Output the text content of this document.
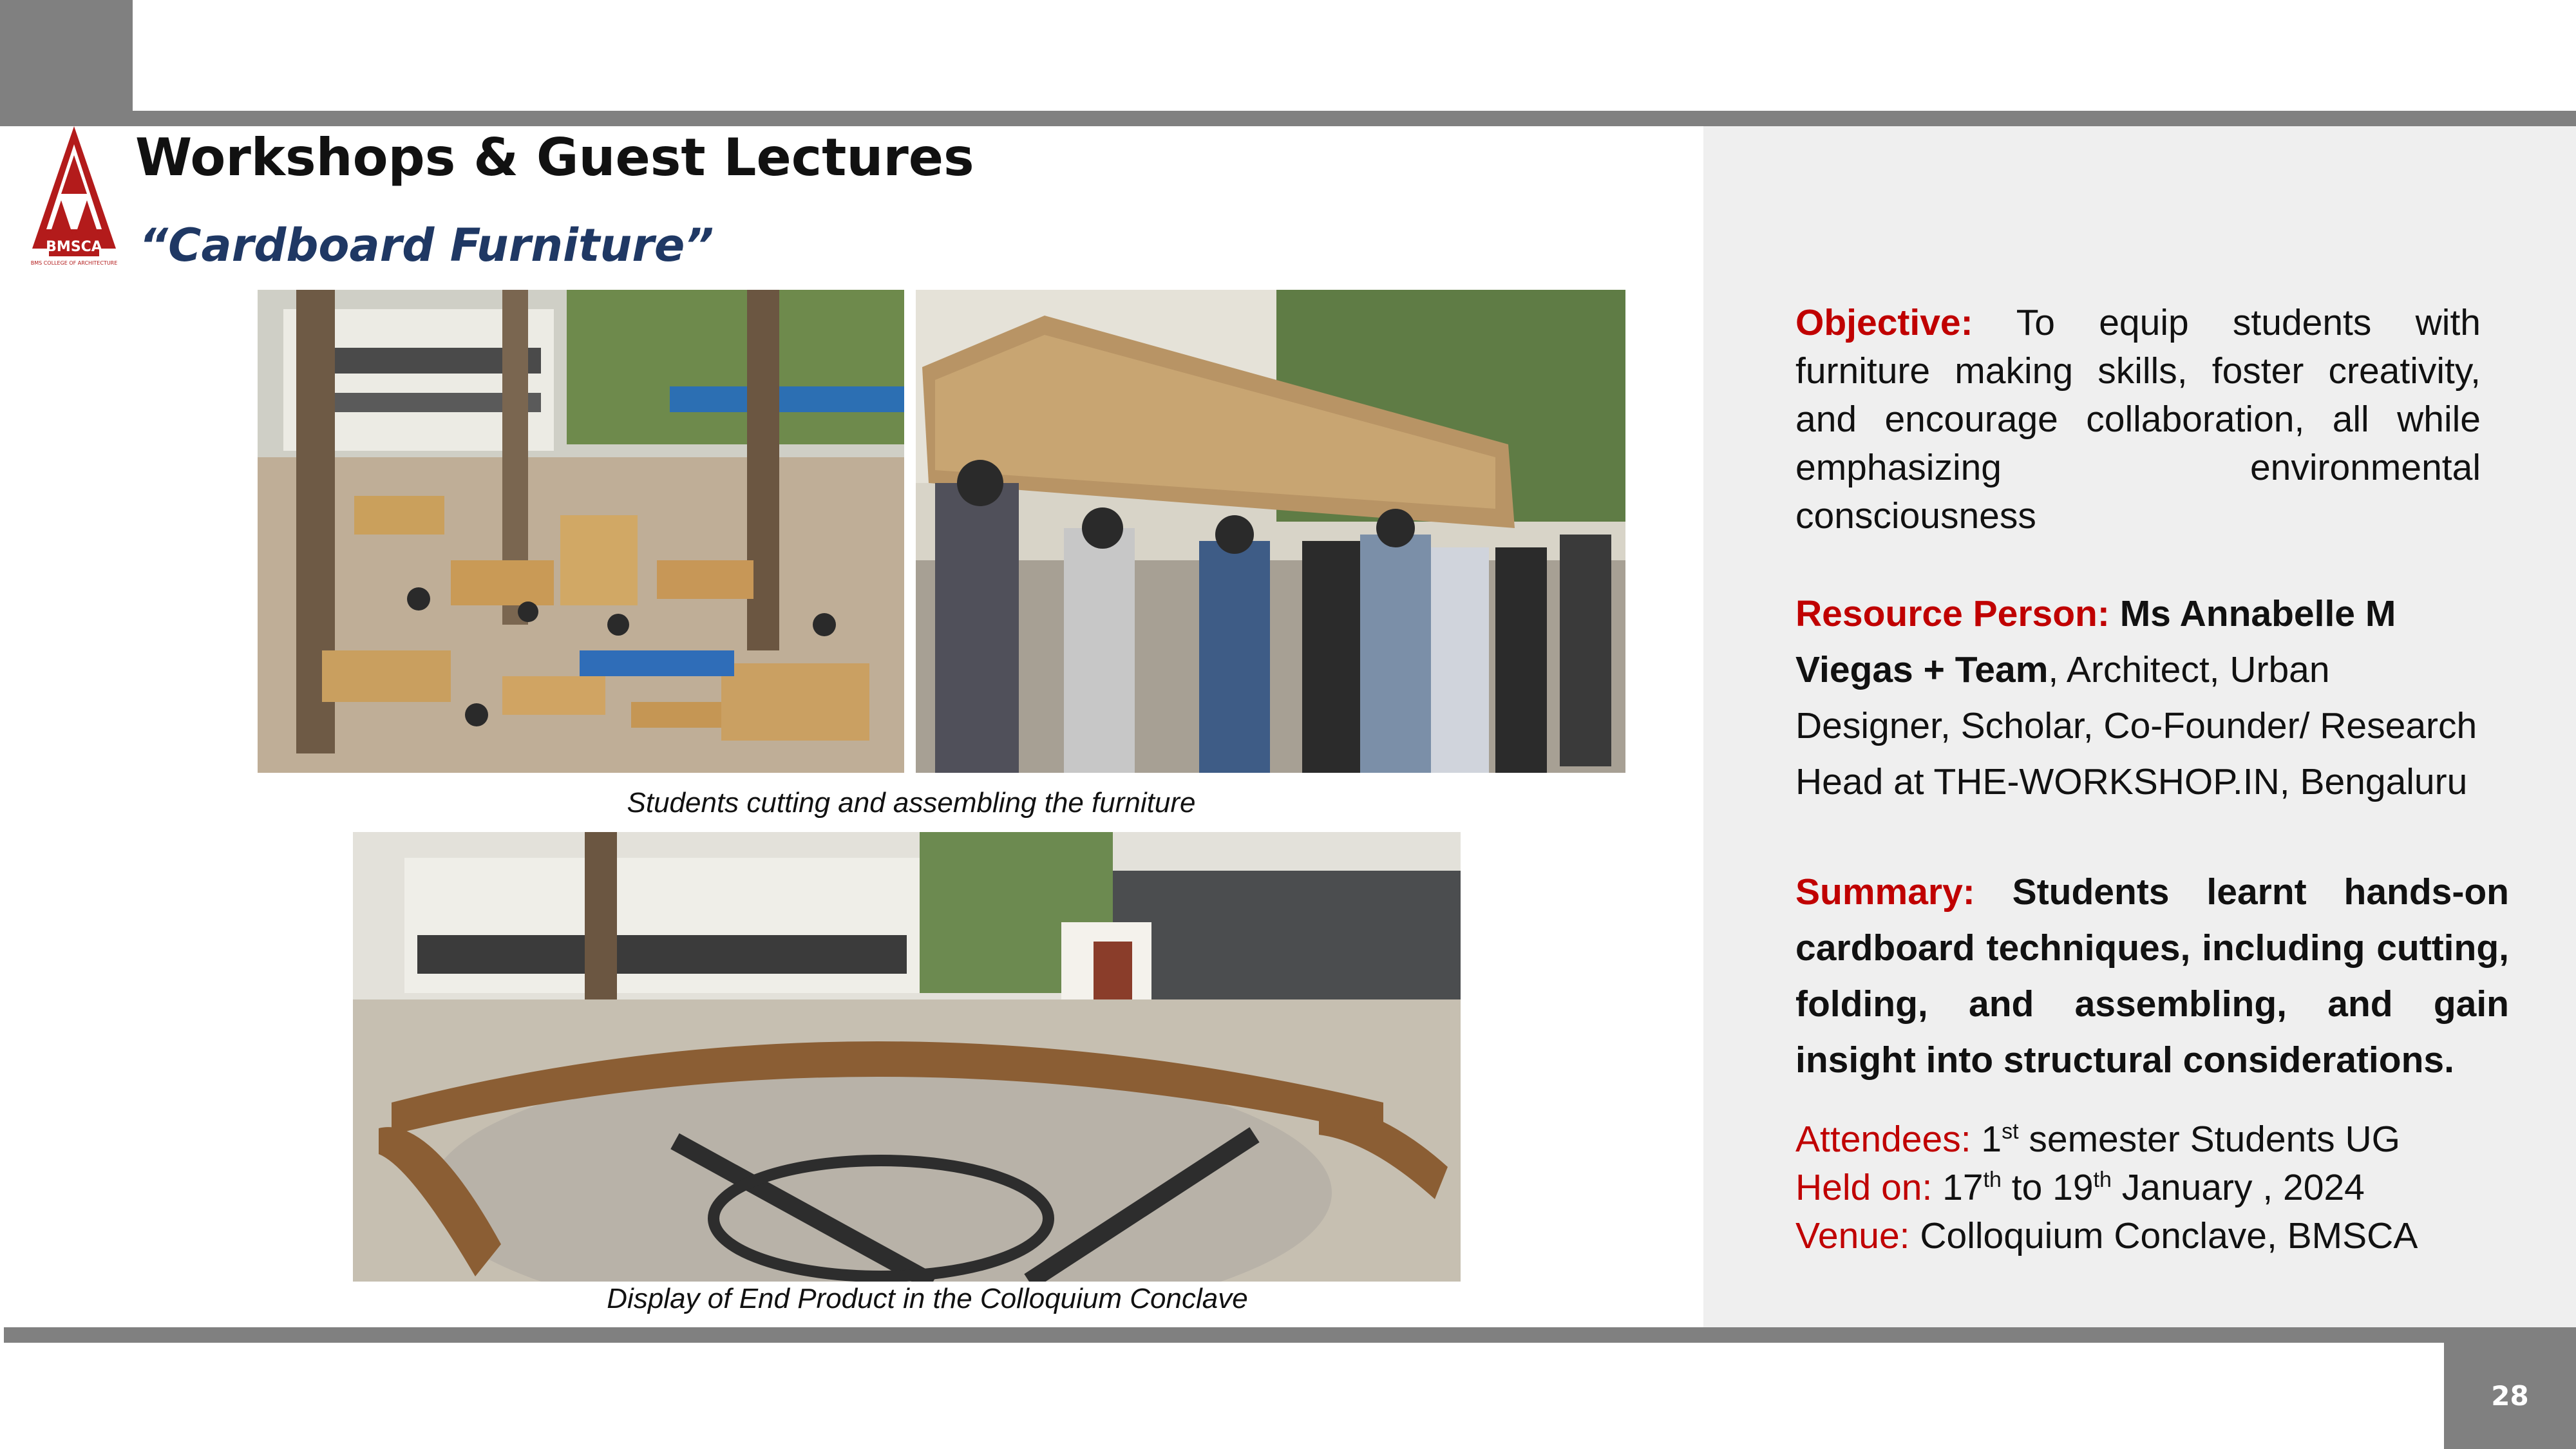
28
BMSCA
BMS COLLEGE OF ARCHITECTURE
Workshops & Guest Lectures
“Cardboard Furniture”
Students cutting and assembling the furniture
Display of End Product in the Colloquium Conclave
Objective: To equip students with furniture making skills, foster creativity, and encourage collaboration, all while emphasizing environmental consciousness
Resource Person: Ms Annabelle M Viegas + Team, Architect, Urban Designer, Scholar, Co-Founder/ Research Head at THE-WORKSHOP.IN, Bengaluru
Summary: Students learnt hands-on cardboard techniques, including cutting, folding, and assembling, and gain insight into structural considerations.
Attendees: 1st semester Students UG
Held on: 17th to 19th January , 2024
Venue: Colloquium Conclave, BMSCA
